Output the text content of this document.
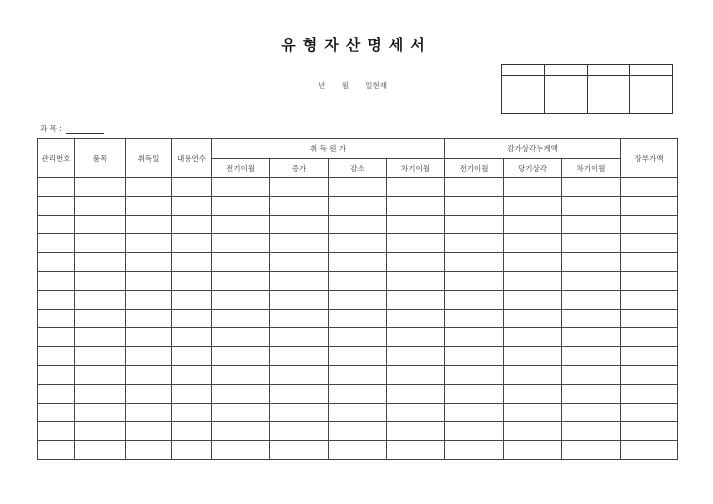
유형자산명세서
년 월 일현재

과 목 :
관리번호	품목	취득일	내용연수	취 득 원 가				감가상각누계액			장부가액
				전기이월	증가	감소	차기이월	전기이월	당기상각	차기이월	
